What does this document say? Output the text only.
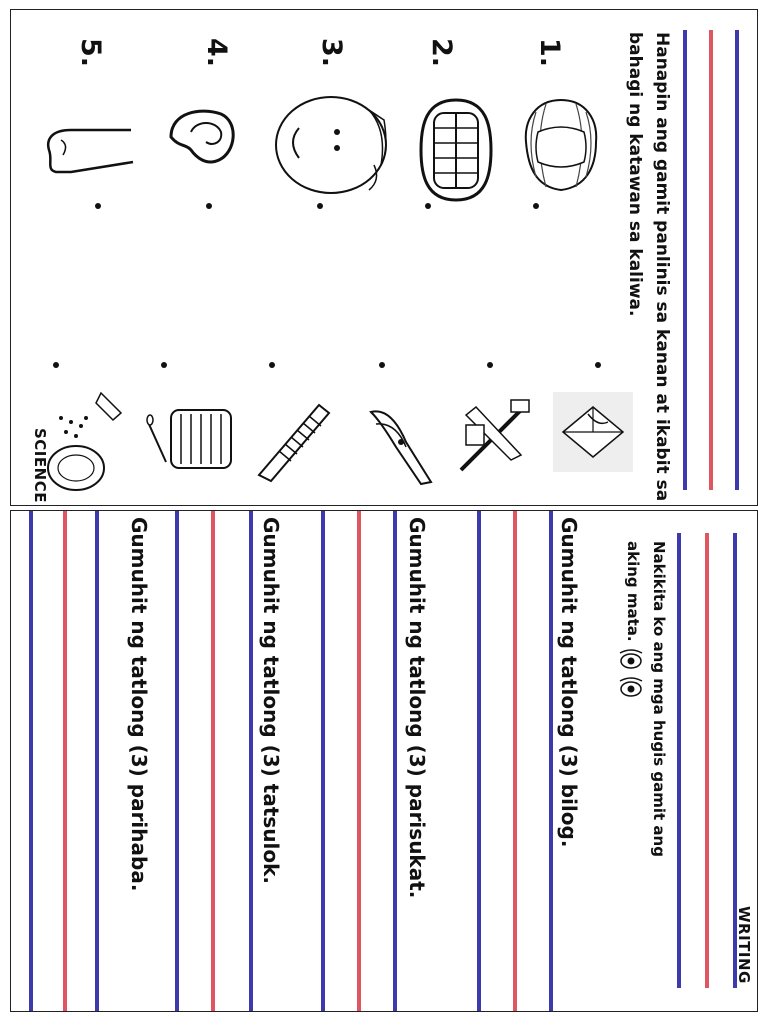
Hanapin ang gamit panlinis sa kanan at ikabit sa
bahagi ng katawan sa kaliwa.
1.
2.
3.
4.
5.
SCIENCE
Nakikita ko ang mga hugis gamit ang
aking mata.
Gumuhit ng tatlong (3) bilog.
Gumuhit ng tatlong (3) parisukat.
Gumuhit ng tatlong (3) tatsulok.
Gumuhit ng tatlong (3) parihaba.
WRITING
